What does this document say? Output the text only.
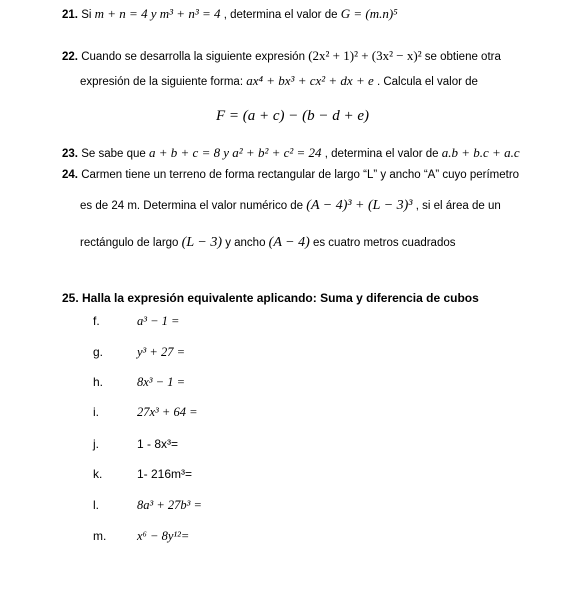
21. Si m + n = 4 y m³ + n³ = 4 , determina el valor de G = (m.n)⁵
22. Cuando se desarrolla la siguiente expresión (2x² + 1)² + (3x² − x)² se obtiene otra
expresión de la siguiente forma: ax⁴ + bx³ + cx² + dx + e . Calcula el valor de
F = (a + c) − (b − d + e)
23. Se sabe que a + b + c = 8 y a² + b² + c² = 24 , determina el valor de a.b + b.c + a.c
24. Carmen tiene un terreno de forma rectangular de largo “L” y ancho “A” cuyo perímetro
es de 24 m. Determina el valor numérico de (A − 4)³ + (L − 3)³ , si el área de un
rectángulo de largo (L − 3) y ancho (A − 4) es cuatro metros cuadrados
25. Halla la expresión equivalente aplicando: Suma y diferencia de cubos
f.	a³ − 1 =
g.	y³ + 27 =
h.	8x³ − 1 =
i.	27x³ + 64 =
j.	1 - 8x³=
k.	1- 216m³=
l.	8a³ + 27b³ =
m. x⁶ − 8y¹²=
